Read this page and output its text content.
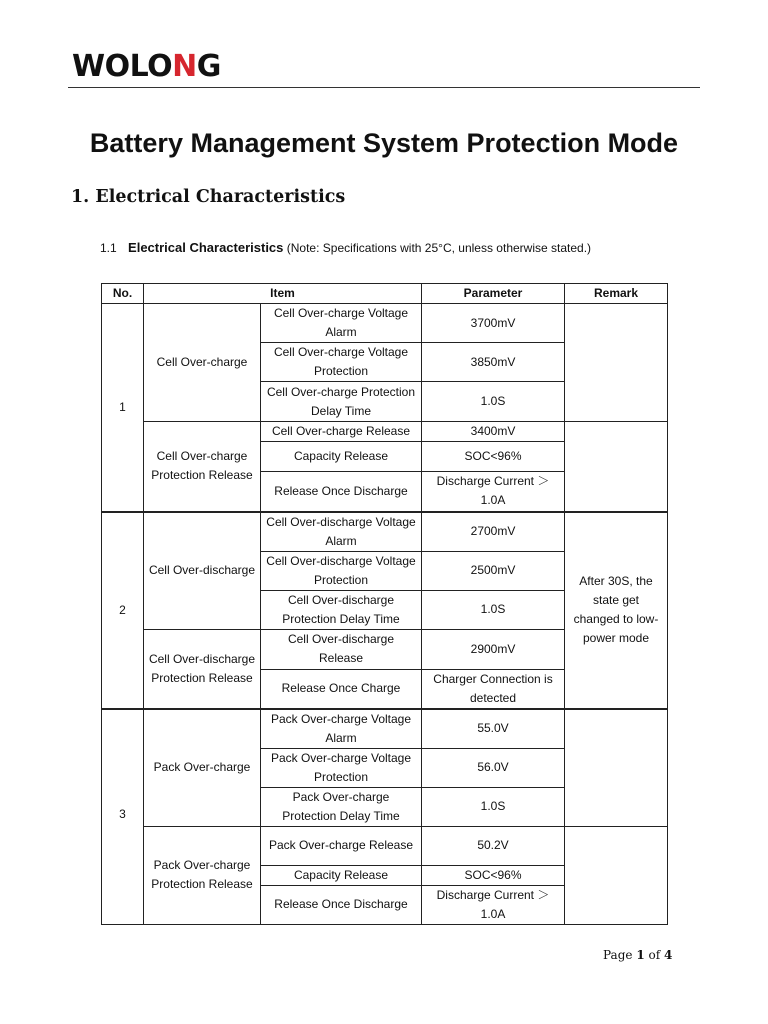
WOLONG
Battery Management System Protection Mode
1. Electrical Characteristics
1.1 Electrical Characteristics (Note: Specifications with 25°C, unless otherwise stated.)
No.	Item		Parameter	Remark
1	Cell Over-charge	Cell Over-charge Voltage Alarm	3700mV	
		Cell Over-charge Voltage Protection	3850mV	
		Cell Over-charge Protection Delay Time	1.0S	
	Cell Over-charge Protection Release	Cell Over-charge Release	3400mV	
		Capacity Release	SOC<96%	
		Release Once Discharge	Discharge Current ＞ 1.0A	
2	Cell Over-discharge	Cell Over-discharge Voltage Alarm	2700mV	After 30S, the state get changed to low-power mode
		Cell Over-discharge Voltage Protection	2500mV	
		Cell Over-discharge Protection Delay Time	1.0S	
	Cell Over-discharge Protection Release	Cell Over-discharge Release	2900mV	
		Release Once Charge	Charger Connection is detected	
3	Pack Over-charge	Pack Over-charge Voltage Alarm	55.0V	
		Pack Over-charge Voltage Protection	56.0V	
		Pack Over-charge Protection Delay Time	1.0S	
	Pack Over-charge Protection Release	Pack Over-charge Release	50.2V	
		Capacity Release	SOC<96%	
		Release Once Discharge	Discharge Current ＞ 1.0A	
Page 1 of 4
